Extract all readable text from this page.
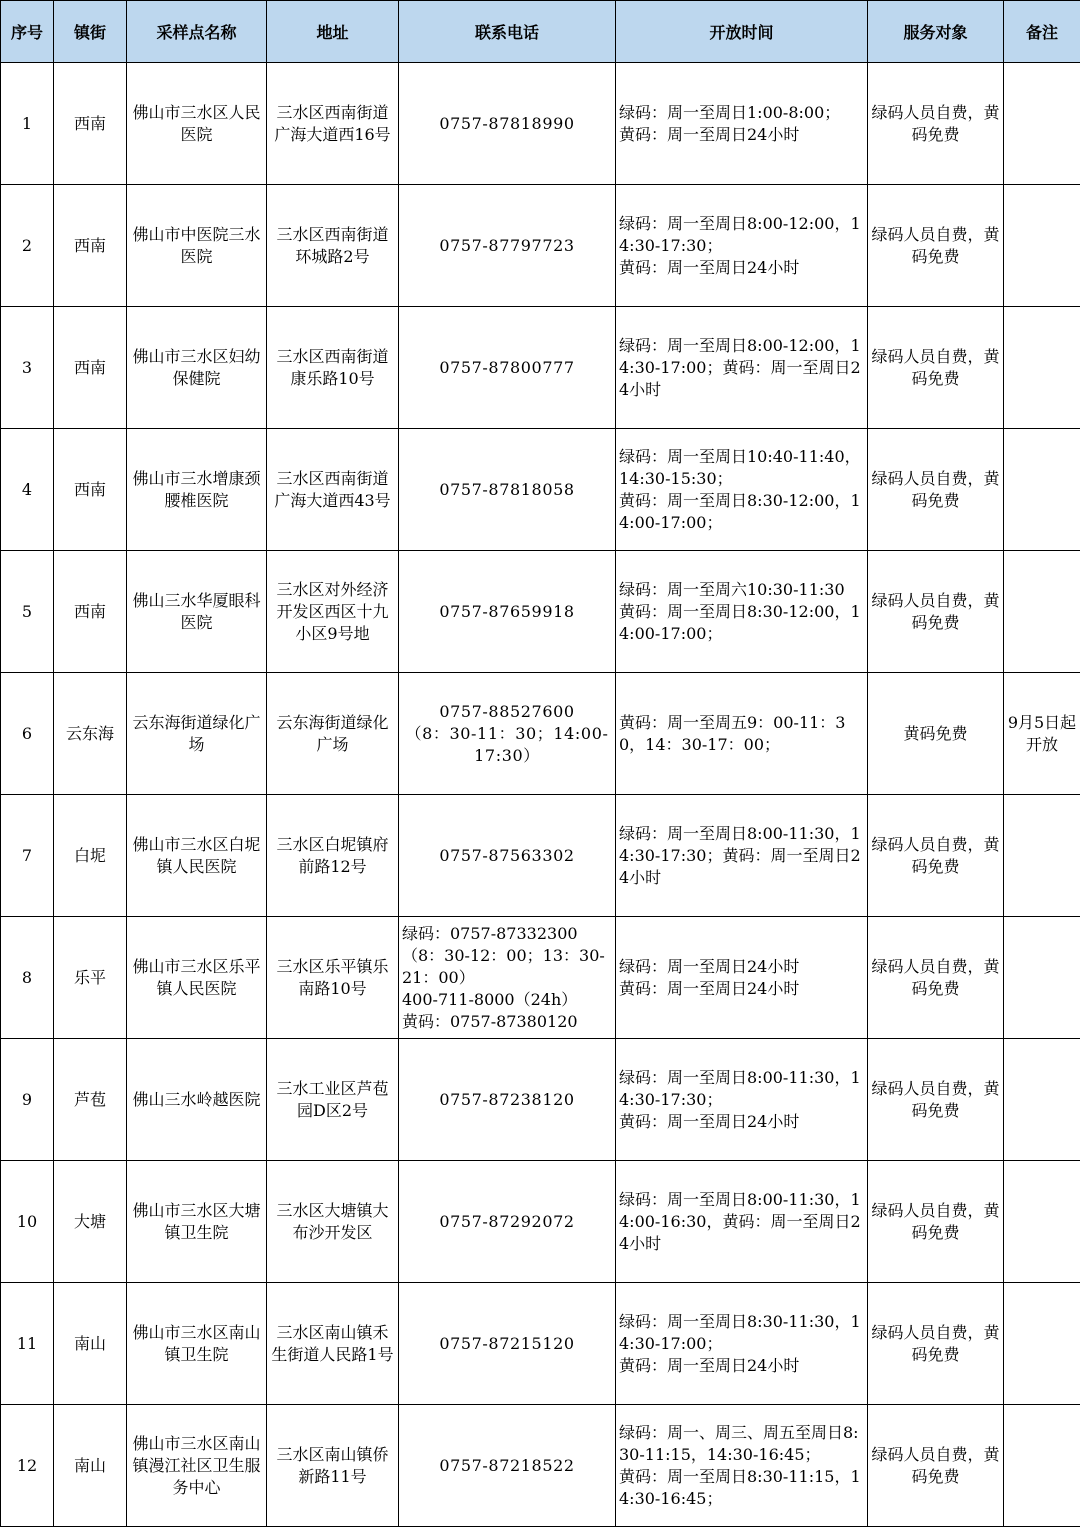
序号	镇街	采样点名称	地址	联系电话	开放时间	服务对象	备注
1	西南	佛山市三水区人民医院	三水区西南街道广海大道西16号	0757-87818990	绿码：周一至周日1:00-8:00；
黄码：周一至周日24小时	绿码人员自费，黄码免费	
2	西南	佛山市中医院三水医院	三水区西南街道环城路2号	0757-87797723	绿码：周一至周日8:00-12:00，14:30-17:30；
黄码：周一至周日24小时	绿码人员自费，黄码免费	
3	西南	佛山市三水区妇幼保健院	三水区西南街道康乐路10号	0757-87800777	绿码：周一至周日8:00-12:00，14:30-17:00；黄码：周一至周日24小时	绿码人员自费，黄码免费	
4	西南	佛山市三水增康颈腰椎医院	三水区西南街道广海大道西43号	0757-87818058	绿码：周一至周日10:40-11:40，14:30-15:30；
黄码：周一至周日8:30-12:00，14:00-17:00；	绿码人员自费，黄码免费	
5	西南	佛山三水华厦眼科医院	三水区对外经济开发区西区十九小区9号地	0757-87659918	绿码：周一至周六10:30-11:30
黄码：周一至周日8:30-12:00，14:00-17:00；	绿码人员自费，黄码免费	
6	云东海	云东海街道绿化广场	云东海街道绿化广场	0757-88527600
（8：30-11：30；14:00-17:30）	黄码：周一至周五9：00-11：30，14：30-17：00；	黄码免费	9月5日起开放
7	白坭	佛山市三水区白坭镇人民医院	三水区白坭镇府前路12号	0757-87563302	绿码：周一至周日8:00-11:30，14:30-17:30；黄码：周一至周日24小时	绿码人员自费，黄码免费	
8	乐平	佛山市三水区乐平镇人民医院	三水区乐平镇乐南路10号	绿码：0757-87332300（8：30-12：00；13：30-21：00）
400-711-8000（24h）
黄码：0757-87380120	绿码：周一至周日24小时
黄码：周一至周日24小时	绿码人员自费，黄码免费	
9	芦苞	佛山三水岭越医院	三水工业区芦苞园D区2号	0757-87238120	绿码：周一至周日8:00-11:30，14:30-17:30；
黄码：周一至周日24小时	绿码人员自费，黄码免费	
10	大塘	佛山市三水区大塘镇卫生院	三水区大塘镇大布沙开发区	0757-87292072	绿码：周一至周日8:00-11:30，14:00-16:30，黄码：周一至周日24小时	绿码人员自费，黄码免费	
11	南山	佛山市三水区南山镇卫生院	三水区南山镇禾生街道人民路1号	0757-87215120	绿码：周一至周日8:30-11:30，14:30-17:00；
黄码：周一至周日24小时	绿码人员自费，黄码免费	
12	南山	佛山市三水区南山镇漫江社区卫生服务中心	三水区南山镇侨新路11号	0757-87218522	绿码：周一、周三、周五至周日8:30-11:15，14:30-16:45；
黄码：周一至周日8:30-11:15，14:30-16:45；	绿码人员自费，黄码免费	
